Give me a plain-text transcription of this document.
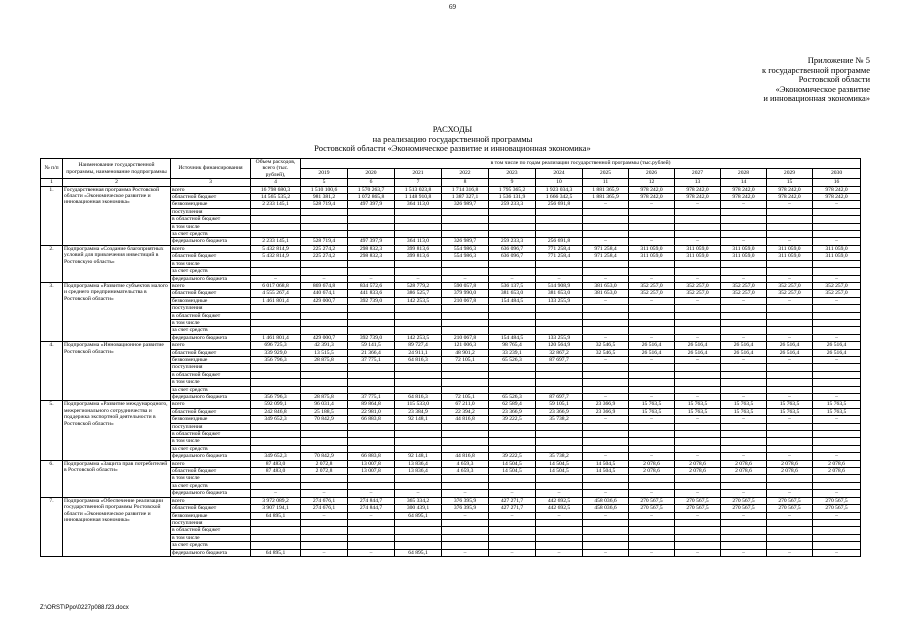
69
Приложение № 5
к государственной программе
Ростовской области
«Экономическое развитие
и инновационная экономика»
РАСХОДЫ
на реализацию государственной программы
Ростовской области «Экономическое развитие и инновационная экономика»
№ п/п	Наименование государственной программы, наименование подпрограммы	Источник финансирования	Объем расходов, всего (тыс. рублей),	в том числе по годам реализации государственной программы (тыс.рублей)											
				2019	2020	2021	2022	2023	2024	2025	2026	2027	2028	2029	2030
1	2	3	4	5	6	7	8	9	10	11	12	13	14	15	16
1.	Государственная программа Ростовской области «Экономическое развитие и инновационная экономика»	всего	16 798 680,3	1 510 100,6	1 570 263,7	1 513 023,8	1 714 316,8	1 795 365,2	1 923 034,3	1 881 365,9	978 242,0	978 242,0	978 242,0	978 242,0	978 242,0
		областной бюджет	14 565 535,2	981 381,2	1 072 865,8	1 148 910,8	1 387 327,1	1 536 131,9	1 666 342,5	1 881 365,9	978 242,0	978 242,0	978 242,0	978 242,0	978 242,0
		безвозмездные	2 233 145,1	528 719,4	497 397,9	364 113,0	326 989,7	259 233,3	256 691,8	–	–	–	–	–	–
		поступления													
		в областной бюджет													
		в том числе													
		за счет средств													
		федерального бюджета	2 233 145,1	528 719,4	497 397,9	364 113,0	326 989,7	259 233,3	256 691,8	–	–	–	–	–	–
2.	Подпрограмма «Создание благоприятных условий для привлечения инвестиций в Ростовскую область»	всего	5 432 814,9	225 274,2	298 832,3	399 813,6	554 986,3	636 096,7	771 258,4	971 258,4	311 059,0	311 059,0	311 059,0	311 059,0	311 059,0
		областной бюджет	5 432 814,9	225 274,2	298 832,3	399 813,6	554 986,3	636 096,7	771 258,4	971 258,4	311 059,0	311 059,0	311 059,0	311 059,0	311 059,0
		в том числе													
		за счет средств													
		федерального бюджета	–	–	–	–	–	–	–	–	–	–	–	–	–
3.	Подпрограмма «Развитие субъектов малого и среднего предпринимательства в Ростовской области»	всего	6 017 068,8	869 674,8	834 572,6	528 779,2	590 057,8	536 137,5	514 908,9	381 653,0	352 257,0	352 257,0	352 257,0	352 257,0	352 257,0
		областной бюджет	4 555 267,4	440 674,1	441 833,6	386 525,7	379 990,0	381 653,0	381 653,0	381 653,0	352 257,0	352 257,0	352 257,0	352 257,0	352 257,0
		безвозмездные	1 461 801,4	429 000,7	392 739,0	142 253,5	210 067,8	154 484,5	133 255,9	–	–	–	–	–	–
		поступления													
		в областной бюджет													
		в том числе													
		за счет средств													
		федерального бюджета	1 461 801,4	429 000,7	392 739,0	142 253,5	210 067,8	154 484,5	133 255,9	–	–	–	–	–	–
4.	Подпрограмма «Инновационное развитие Ростовской области»	всего	696 725,3	42 391,3	59 141,5	89 727,4	121 006,3	98 765,4	120 564,9	32 546,5	26 516,4	26 516,4	26 516,4	26 516,4	26 516,4
		областной бюджет	339 929,0	13 515,5	21 366,4	24 911,1	48 901,2	33 239,1	32 867,2	32 546,5	26 516,4	26 516,4	26 516,4	26 516,4	26 516,4
		безвозмездные	356 796,3	28 875,8	37 775,1	64 816,3	72 105,1	65 526,3	87 697,7	–	–	–	–	–	–
		поступления													
		в областной бюджет													
		в том числе													
		за счет средств													
		федерального бюджета	356 796,3	28 875,8	37 775,1	64 816,3	72 105,1	65 526,3	87 697,7	–	–	–	–	–	–
5.	Подпрограмма «Развитие международного, межрегионального сотрудничества и поддержка экспортной деятельности в Ростовской области»	всего	592 099,1	96 031,4	89 864,8	115 533,0	67 211,0	62 589,4	59 105,1	23 366,9	15 763,5	15 763,5	15 763,5	15 763,5	15 763,5
		областной бюджет	242 846,8	25 188,5	22 981,0	23 384,9	22 394,2	23 366,9	23 366,9	23 366,9	15 763,5	15 763,5	15 763,5	15 763,5	15 763,5
		безвозмездные	349 652,3	70 842,9	66 883,8	92 148,1	44 816,8	39 222,5	35 738,2	–	–	–	–	–	–
		поступления													
		в областной бюджет													
		в том числе													
		за счет средств													
		федерального бюджета	349 652,3	70 842,9	66 883,8	92 148,1	44 816,8	39 222,5	35 738,2	–	–	–	–	–	–
6.	Подпрограмма «Защита прав потребителей в Ростовской области»	всего	87 483,0	2 072,8	13 007,8	13 836,4	4 659,3	14 504,5	14 504,5	14 504,5	2 078,6	2 078,6	2 078,6	2 078,6	2 078,6
		областной бюджет	87 483,0	2 072,8	13 007,8	13 836,4	4 659,3	14 504,5	14 504,5	14 504,5	2 078,6	2 078,6	2 078,6	2 078,6	2 078,6
		в том числе													
		за счет средств													
		федерального бюджета	–	–	–	–	–	–	–	–	–	–	–	–	–
7.	Подпрограмма «Обеспечение реализации государственной программы Ростовской области «Экономическое развитие и инновационная экономика»	всего	3 972 089,2	274 676,1	274 844,7	365 334,2	376 395,9	427 271,7	442 692,5	458 036,6	270 567,5	270 567,5	270 567,5	270 567,5	270 567,5
		областной бюджет	3 907 194,1	274 676,1	274 844,7	300 439,1	376 395,9	427 271,7	442 692,5	458 036,6	270 567,5	270 567,5	270 567,5	270 567,5	270 567,5
		безвозмездные	64 895,1	–	–	64 895,1	–	–	–	–	–	–	–	–	–
		поступления													
		в областной бюджет													
		в том числе													
		за счет средств													
		федерального бюджета	64 895,1	–	–	64 895,1	–	–	–	–	–	–	–	–	–
Z:\ORST\Ppo\0227p088.f23.docx
